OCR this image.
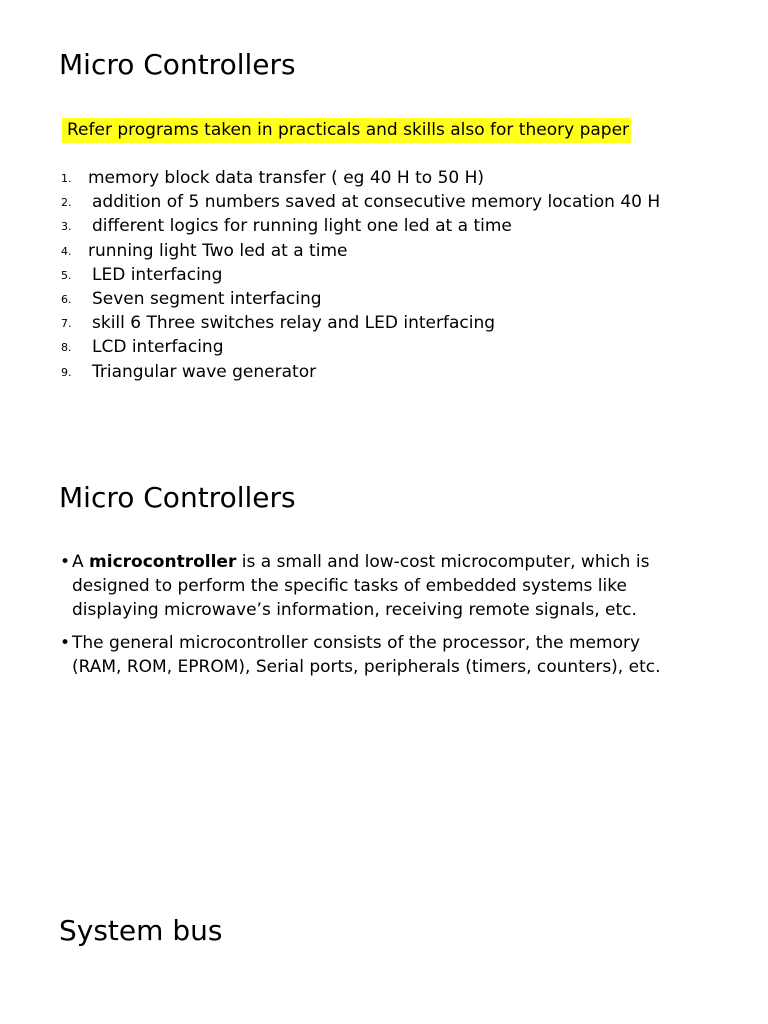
Micro Controllers
Refer programs taken in practicals and skills also for theory paper
1. memory block data transfer ( eg 40 H to 50 H)
2. addition of 5 numbers saved at consecutive memory location 40 H
3. different logics for running light one led at a time
4. running light Two led at a time
5. LED interfacing
6. Seven segment interfacing
7. skill 6 Three switches relay and LED interfacing
8. LCD interfacing
9. Triangular wave generator
Micro Controllers
• A microcontroller is a small and low-cost microcomputer, which is
designed to perform the specific tasks of embedded systems like
displaying microwave’s information, receiving remote signals, etc.
• The general microcontroller consists of the processor, the memory
(RAM, ROM, EPROM), Serial ports, peripherals (timers, counters), etc.
System bus
